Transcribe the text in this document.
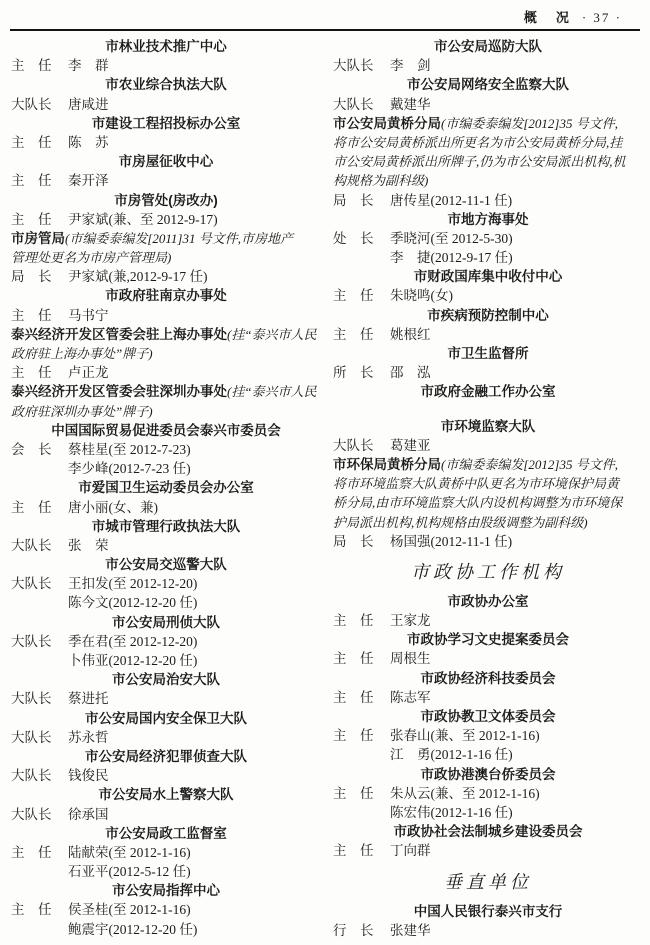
概　况 · 37 ·
市林业技术推广中心
主　任 李　群
市农业综合执法大队
大队长 唐咸进
市建设工程招投标办公室
主　任 陈　苏
市房屋征收中心
主　任 秦开泽
市房管处(房改办)
主　任 尹家斌(兼、至 2012-9-17)
市房管局(市编委泰编发[2011]31 号文件,市房地产
管理处更名为市房产管理局)
局　长 尹家斌(兼,2012-9-17 任)
市政府驻南京办事处
主　任 马书宁
泰兴经济开发区管委会驻上海办事处(挂“泰兴市人民
政府驻上海办事处”牌子)
主　任 卢正龙
泰兴经济开发区管委会驻深圳办事处(挂“泰兴市人民
政府驻深圳办事处”牌子)
中国国际贸易促进委员会泰兴市委员会
会　长 蔡桂星(至 2012-7-23)
李少峰(2012-7-23 任)
市爱国卫生运动委员会办公室
主　任 唐小丽(女、兼)
市城市管理行政执法大队
大队长 张　荣
市公安局交巡警大队
大队长 王扣发(至 2012-12-20)
陈今文(2012-12-20 任)
市公安局刑侦大队
大队长 季在君(至 2012-12-20)
卜伟亚(2012-12-20 任)
市公安局治安大队
大队长 蔡进托
市公安局国内安全保卫大队
大队长 苏永哲
市公安局经济犯罪侦查大队
大队长 钱俊民
市公安局水上警察大队
大队长 徐承国
市公安局政工监督室
主　任 陆献荣(至 2012-1-16)
石亚平(2012-5-12 任)
市公安局指挥中心
主　任 侯圣桂(至 2012-1-16)
鲍震宇(2012-12-20 任)
市公安局巡防大队
大队长 李　剑
市公安局网络安全监察大队
大队长 戴建华
市公安局黄桥分局(市编委泰编发[2012]35 号文件,
将市公安局黄桥派出所更名为市公安局黄桥分局,挂
市公安局黄桥派出所牌子,仍为市公安局派出机构,机
构规格为副科级)
局　长 唐传星(2012-11-1 任)
市地方海事处
处　长 季晓河(至 2012-5-30)
李　捷(2012-9-17 任)
市财政国库集中收付中心
主　任 朱晓鸣(女)
市疾病预防控制中心
主　任 姚根红
市卫生监督所
所　长 邵　泓
市政府金融工作办公室
市环境监察大队
大队长 葛建亚
市环保局黄桥分局(市编委泰编发[2012]35 号文件,
将市环境监察大队黄桥中队更名为市环境保护局黄
桥分局,由市环境监察大队内设机构调整为市环境保
护局派出机构,机构规格由股级调整为副科级)
局　长 杨国强(2012-11-1 任)
市政协工作机构
市政协办公室
主　任 王家龙
市政协学习文史提案委员会
主　任 周根生
市政协经济科技委员会
主　任 陈志军
市政协教卫文体委员会
主　任 张春山(兼、至 2012-1-16)
江　勇(2012-1-16 任)
市政协港澳台侨委员会
主　任 朱从云(兼、至 2012-1-16)
陈宏伟(2012-1-16 任)
市政协社会法制城乡建设委员会
主　任 丁向群
垂直单位
中国人民银行泰兴市支行
行　长 张建华
